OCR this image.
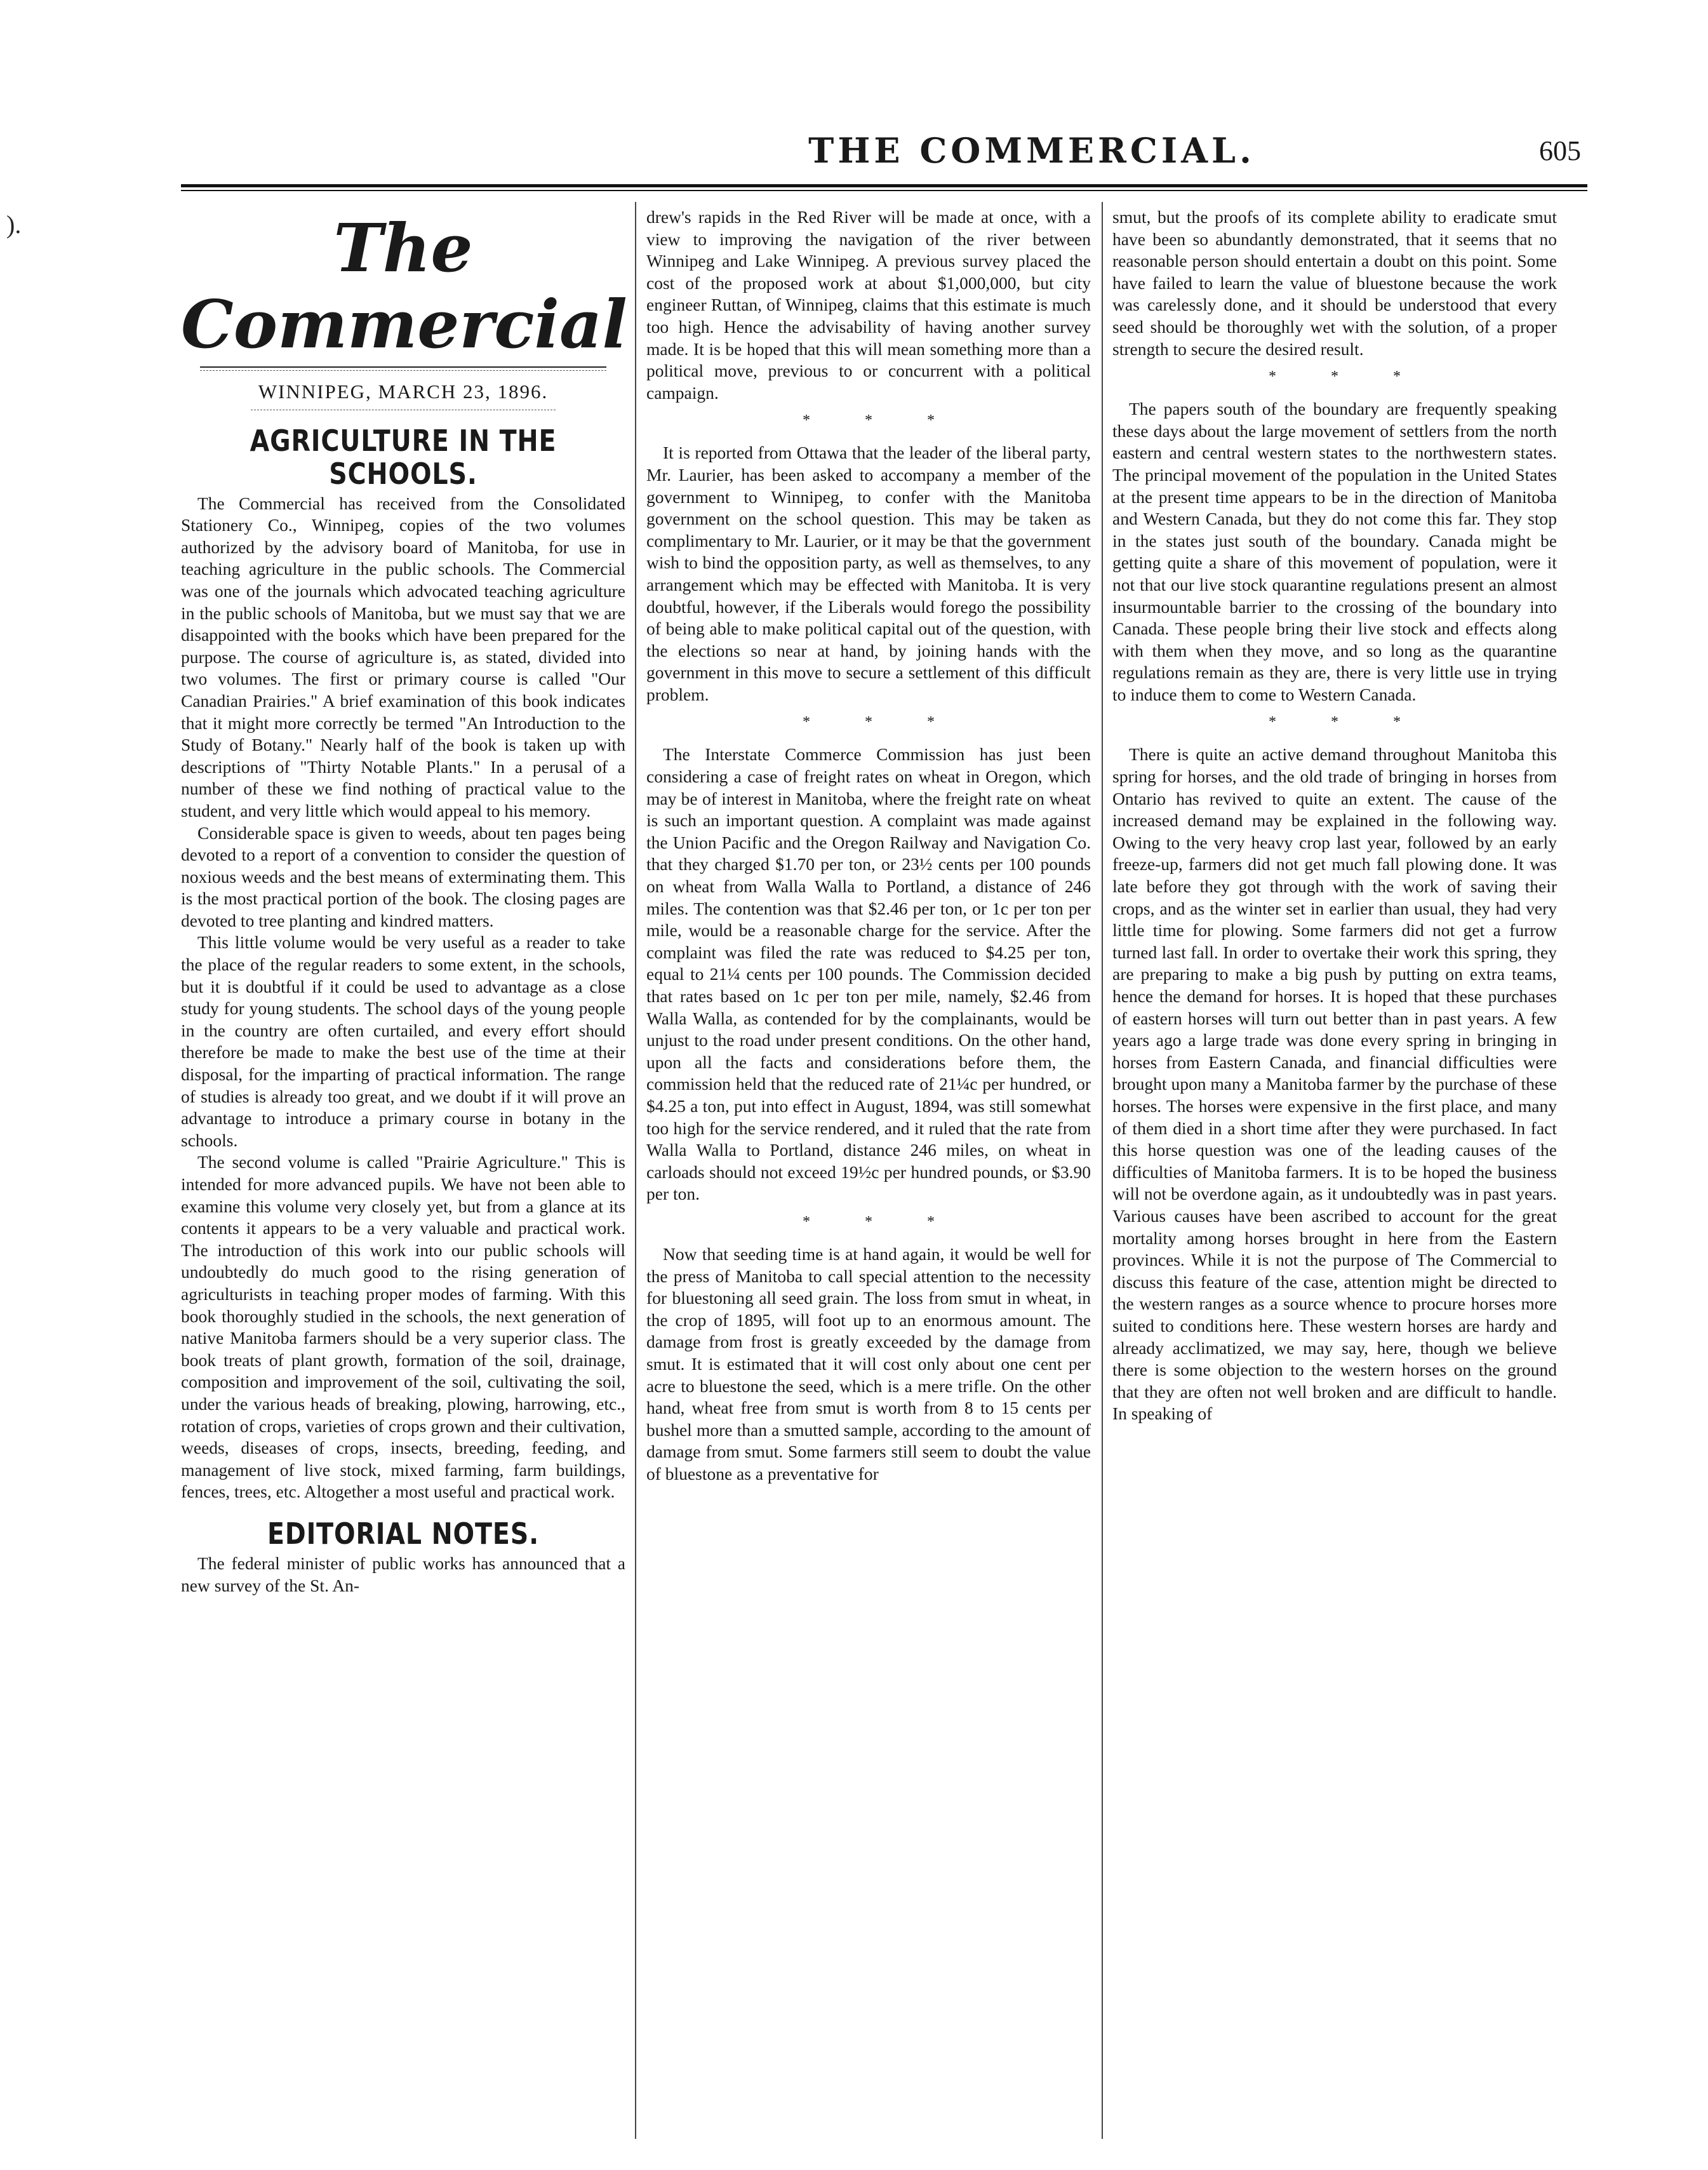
).
THE COMMERCIAL.	605
The Commercial
WINNIPEG, MARCH 23, 1896.
AGRICULTURE IN THE SCHOOLS.

The Commercial has received from the Consolidated Stationery Co., Winnipeg, copies of the two volumes authorized by the advisory board of Manitoba, for use in teaching agriculture in the public schools. The Commercial was one of the journals which advocated teaching agriculture in the public schools of Manitoba, but we must say that we are disappointed with the books which have been prepared for the purpose. The course of agriculture is, as stated, divided into two volumes. The first or primary course is called "Our Canadian Prairies." A brief examination of this book indicates that it might more correctly be termed "An Introduction to the Study of Botany." Nearly half of the book is taken up with descriptions of "Thirty Notable Plants." In a perusal of a number of these we find nothing of practical value to the student, and very little which would appeal to his memory.

Considerable space is given to weeds, about ten pages being devoted to a report of a convention to consider the question of noxious weeds and the best means of exterminating them. This is the most practical portion of the book. The closing pages are devoted to tree planting and kindred matters.

This little volume would be very useful as a reader to take the place of the regular readers to some extent, in the schools, but it is doubtful if it could be used to advantage as a close study for young students. The school days of the young people in the country are often curtailed, and every effort should therefore be made to make the best use of the time at their disposal, for the imparting of practical information. The range of studies is already too great, and we doubt if it will prove an advantage to introduce a primary course in botany in the schools.

The second volume is called "Prairie Agriculture." This is intended for more advanced pupils. We have not been able to examine this volume very closely yet, but from a glance at its contents it appears to be a very valuable and practical work. The introduction of this work into our public schools will undoubtedly do much good to the rising generation of agriculturists in teaching proper modes of farming. With this book thoroughly studied in the schools, the next generation of native Manitoba farmers should be a very superior class. The book treats of plant growth, formation of the soil, drainage, composition and improvement of the soil, cultivating the soil, under the various heads of breaking, plowing, harrowing, etc., rotation of crops, varieties of crops grown and their cultivation, weeds, diseases of crops, insects, breeding, feeding, and management of live stock, mixed farming, farm buildings, fences, trees, etc. Altogether a most useful and practical work.

EDITORIAL NOTES.

The federal minister of public works has announced that a new survey of the St. An-

drew's rapids in the Red River will be made at once, with a view to improving the navigation of the river between Winnipeg and Lake Winnipeg. A previous survey placed the cost of the proposed work at about $1,000,000, but city engineer Ruttan, of Winnipeg, claims that this estimate is much too high. Hence the advisability of having another survey made. It is be hoped that this will mean something more than a political move, previous to or concurrent with a political campaign.

* * *

It is reported from Ottawa that the leader of the liberal party, Mr. Laurier, has been asked to accompany a member of the government to Winnipeg, to confer with the Manitoba government on the school question. This may be taken as complimentary to Mr. Laurier, or it may be that the government wish to bind the opposition party, as well as themselves, to any arrangement which may be effected with Manitoba. It is very doubtful, however, if the Liberals would forego the possibility of being able to make political capital out of the question, with the elections so near at hand, by joining hands with the government in this move to secure a settlement of this difficult problem.

* * *

The Interstate Commerce Commission has just been considering a case of freight rates on wheat in Oregon, which may be of interest in Manitoba, where the freight rate on wheat is such an important question. A complaint was made against the Union Pacific and the Oregon Railway and Navigation Co. that they charged $1.70 per ton, or 23½ cents per 100 pounds on wheat from Walla Walla to Portland, a distance of 246 miles. The contention was that $2.46 per ton, or 1c per ton per mile, would be a reasonable charge for the service. After the complaint was filed the rate was reduced to $4.25 per ton, equal to 21¼ cents per 100 pounds. The Commission decided that rates based on 1c per ton per mile, namely, $2.46 from Walla Walla, as contended for by the complainants, would be unjust to the road under present conditions. On the other hand, upon all the facts and considerations before them, the commission held that the reduced rate of 21¼c per hundred, or $4.25 a ton, put into effect in August, 1894, was still somewhat too high for the service rendered, and it ruled that the rate from Walla Walla to Portland, distance 246 miles, on wheat in carloads should not exceed 19½c per hundred pounds, or $3.90 per ton.

* * *

Now that seeding time is at hand again, it would be well for the press of Manitoba to call special attention to the necessity for bluestoning all seed grain. The loss from smut in wheat, in the crop of 1895, will foot up to an enormous amount. The damage from frost is greatly exceeded by the damage from smut. It is estimated that it will cost only about one cent per acre to bluestone the seed, which is a mere trifle. On the other hand, wheat free from smut is worth from 8 to 15 cents per bushel more than a smutted sample, according to the amount of damage from smut. Some farmers still seem to doubt the value of bluestone as a preventative for

smut, but the proofs of its complete ability to eradicate smut have been so abundantly demonstrated, that it seems that no reasonable person should entertain a doubt on this point. Some have failed to learn the value of bluestone because the work was carelessly done, and it should be understood that every seed should be thoroughly wet with the solution, of a proper strength to secure the desired result.

* * *

The papers south of the boundary are frequently speaking these days about the large movement of settlers from the north eastern and central western states to the northwestern states. The principal movement of the population in the United States at the present time appears to be in the direction of Manitoba and Western Canada, but they do not come this far. They stop in the states just south of the boundary. Canada might be getting quite a share of this movement of population, were it not that our live stock quarantine regulations present an almost insurmountable barrier to the crossing of the boundary into Canada. These people bring their live stock and effects along with them when they move, and so long as the quarantine regulations remain as they are, there is very little use in trying to induce them to come to Western Canada.

* * *

There is quite an active demand throughout Manitoba this spring for horses, and the old trade of bringing in horses from Ontario has revived to quite an extent. The cause of the increased demand may be explained in the following way. Owing to the very heavy crop last year, followed by an early freeze-up, farmers did not get much fall plowing done. It was late before they got through with the work of saving their crops, and as the winter set in earlier than usual, they had very little time for plowing. Some farmers did not get a furrow turned last fall. In order to overtake their work this spring, they are preparing to make a big push by putting on extra teams, hence the demand for horses. It is hoped that these purchases of eastern horses will turn out better than in past years. A few years ago a large trade was done every spring in bringing in horses from Eastern Canada, and financial difficulties were brought upon many a Manitoba farmer by the purchase of these horses. The horses were expensive in the first place, and many of them died in a short time after they were purchased. In fact this horse question was one of the leading causes of the difficulties of Manitoba farmers. It is to be hoped the business will not be overdone again, as it undoubtedly was in past years. Various causes have been ascribed to account for the great mortality among horses brought in here from the Eastern provinces. While it is not the purpose of The Commercial to discuss this feature of the case, attention might be directed to the western ranges as a source whence to procure horses more suited to conditions here. These western horses are hardy and already acclimatized, we may say, here, though we believe there is some objection to the western horses on the ground that they are often not well broken and are difficult to handle. In speaking of
